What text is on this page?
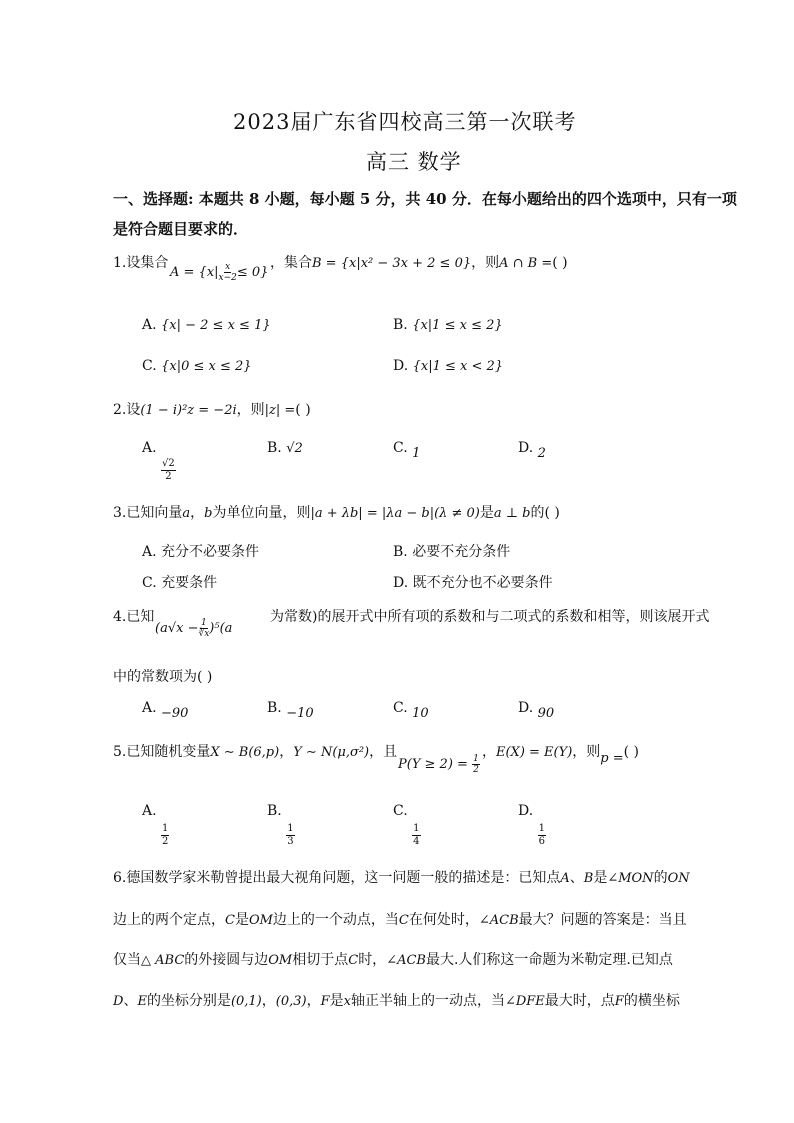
2023届广东省四校高三第一次联考
高三 数学
一、选择题: 本题共 8 小题，每小题 5 分，共 40 分．在每小题给出的四个选项中，只有一项
是符合题目要求的．
1.设集合
$A = \{x| \frac{x}{x-2} \le 0\}$
，集合B = {x|x² − 3x + 2 ≤ 0}，则A ∩ B =( )
A. {x| − 2 ≤ x ≤ 1}	B. {x|1 ≤ x ≤ 2}
C. {x|0 ≤ x ≤ 2}	D. {x|1 ≤ x < 2}
2.设(1 − i)²z = −2i，则|z| =( )
A.
$\frac{√2}{2}$
B. √2	C. 1	D. 2
3.已知向量a，b为单位向量，则|a + λb| = |λa − b|(λ ≠ 0)是a ⊥ b的( )
A. 充分不必要条件	B. 必要不充分条件
C. 充要条件	D. 既不充分也不必要条件
4.已知
$(a√x - \frac{1}{∛x} )^5(a$
为常数)的展开式中所有项的系数和与二项式的系数和相等，则该展开式
中的常数项为( )
A. −90	B. −10	C. 10	D. 90
5.已知随机变量X ∼ B(6,p)，Y ∼ N(μ,σ²)，且
$P(Y \ge 2) = \frac{1}{2}$
，E(X) = E(Y)，则p =( )
A.
$\frac{1}{2}$
B.
$\frac{1}{3}$
C.
$\frac{1}{4}$
D.
$\frac{1}{6}$
6.德国数学家米勒曾提出最大视角问题，这一问题一般的描述是：已知点A、B是∠MON的ON
边上的两个定点，C是OM边上的一个动点，当C在何处时，∠ACB最大？问题的答案是：当且
仅当△ ABC的外接圆与边OM相切于点C时，∠ACB最大.人们称这一命题为米勒定理.已知点
D、E的坐标分别是(0,1)，(0,3)，F是x轴正半轴上的一动点，当∠DFE最大时，点F的横坐标
